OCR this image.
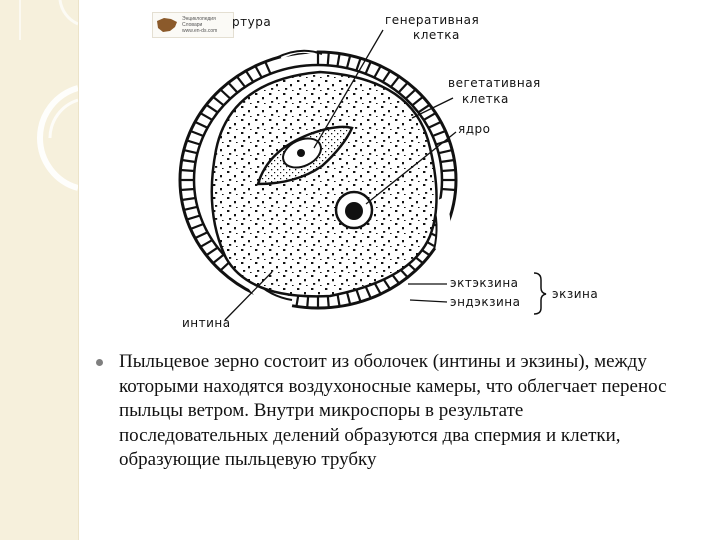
Энциклопедия
Словари
www.en-ds.com
ртура	генеративная
клетка
вегетативная
клетка
ядро
эктэкзина
эндэкзина
экзина
интина
Пыльцевое зерно состоит из оболочек (интины и экзины), между которыми находятся воздухоносные камеры, что облегчает перенос пыльцы ветром. Внутри микроспоры в результате последовательных делений образуются два спермия и клетки, образующие пыльцевую трубку
